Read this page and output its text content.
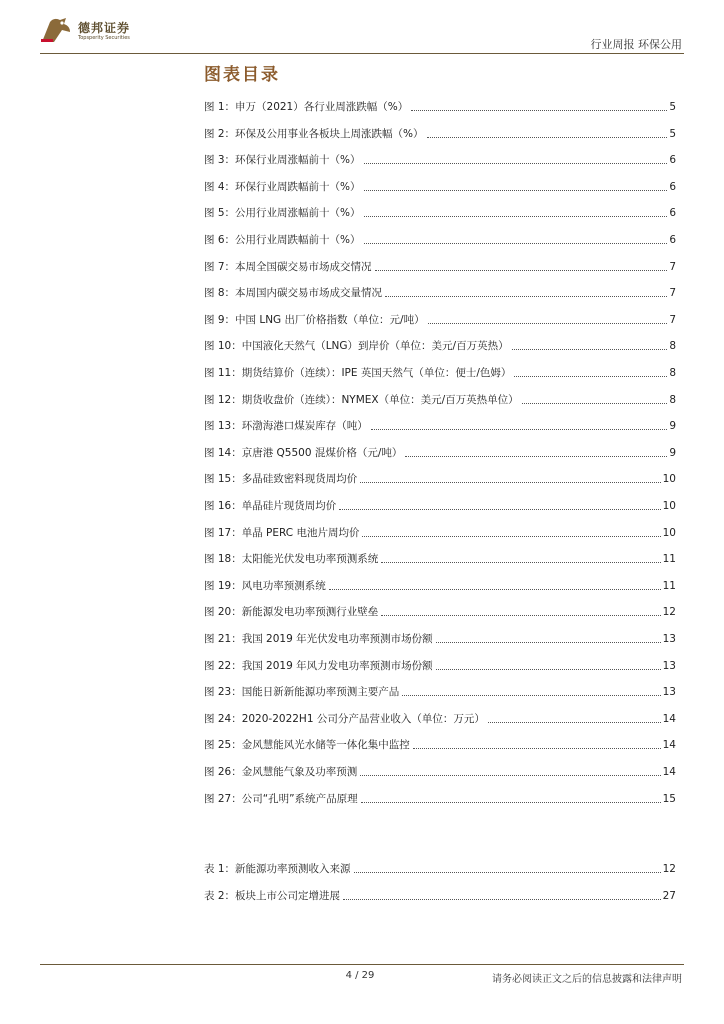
德邦证券
Topsperity Securities	行业周报 环保公用
图表目录
图 1：申万（2021）各行业周涨跌幅（%）	5
图 2：环保及公用事业各板块上周涨跌幅（%）	5
图 3：环保行业周涨幅前十（%）	6
图 4：环保行业周跌幅前十（%）	6
图 5：公用行业周涨幅前十（%）	6
图 6：公用行业周跌幅前十（%）	6
图 7：本周全国碳交易市场成交情况	7
图 8：本周国内碳交易市场成交量情况	7
图 9：中国 LNG 出厂价格指数（单位：元/吨）	7
图 10：中国液化天然气（LNG）到岸价（单位：美元/百万英热）	8
图 11：期货结算价（连续）：IPE 英国天然气（单位：便士/色姆）	8
图 12：期货收盘价（连续）：NYMEX（单位：美元/百万英热单位）	8
图 13：环渤海港口煤炭库存（吨）	9
图 14：京唐港 Q5500 混煤价格（元/吨）	9
图 15：多晶硅致密料现货周均价	10
图 16：单晶硅片现货周均价	10
图 17：单晶 PERC 电池片周均价	10
图 18：太阳能光伏发电功率预测系统	11
图 19：风电功率预测系统	11
图 20：新能源发电功率预测行业壁垒	12
图 21：我国 2019 年光伏发电功率预测市场份额	13
图 22：我国 2019 年风力发电功率预测市场份额	13
图 23：国能日新新能源功率预测主要产品	13
图 24：2020-2022H1 公司分产品营业收入（单位：万元）	14
图 25：金风慧能风光水储等一体化集中监控	14
图 26：金风慧能气象及功率预测	14
图 27：公司“孔明”系统产品原理	15
表 1：新能源功率预测收入来源	12
表 2：板块上市公司定增进展	27
4 / 29	请务必阅读正文之后的信息披露和法律声明
